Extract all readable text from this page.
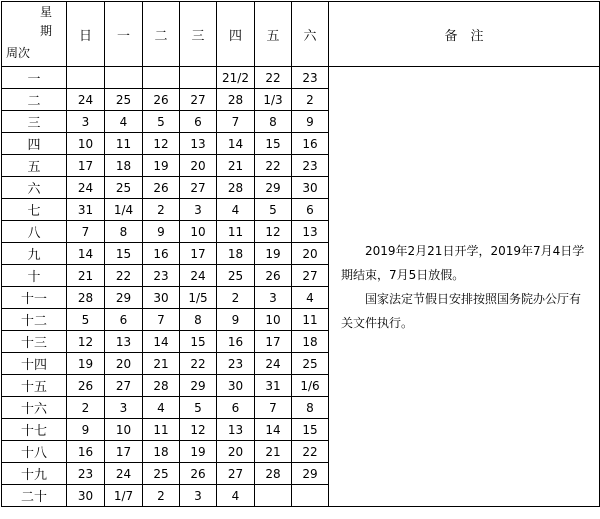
星
期
周次	日	一	二	三	四	五	六	备　注
一					21/2	22	23	2019年2月21日开学，2019年7月4日学期结束，7月5日放假。

国家法定节假日安排按照国务院办公厅有关文件执行。

二	24	25	26	27	28	1/3	2	
三	3	4	5	6	7	8	9	
四	10	11	12	13	14	15	16	
五	17	18	19	20	21	22	23	
六	24	25	26	27	28	29	30	
七	31	1/4	2	3	4	5	6	
八	7	8	9	10	11	12	13	
九	14	15	16	17	18	19	20	
十	21	22	23	24	25	26	27	
十一	28	29	30	1/5	2	3	4	
十二	5	6	7	8	9	10	11	
十三	12	13	14	15	16	17	18	
十四	19	20	21	22	23	24	25	
十五	26	27	28	29	30	31	1/6	
十六	2	3	4	5	6	7	8	
十七	9	10	11	12	13	14	15	
十八	16	17	18	19	20	21	22	
十九	23	24	25	26	27	28	29	
二十	30	1/7	2	3	4			
